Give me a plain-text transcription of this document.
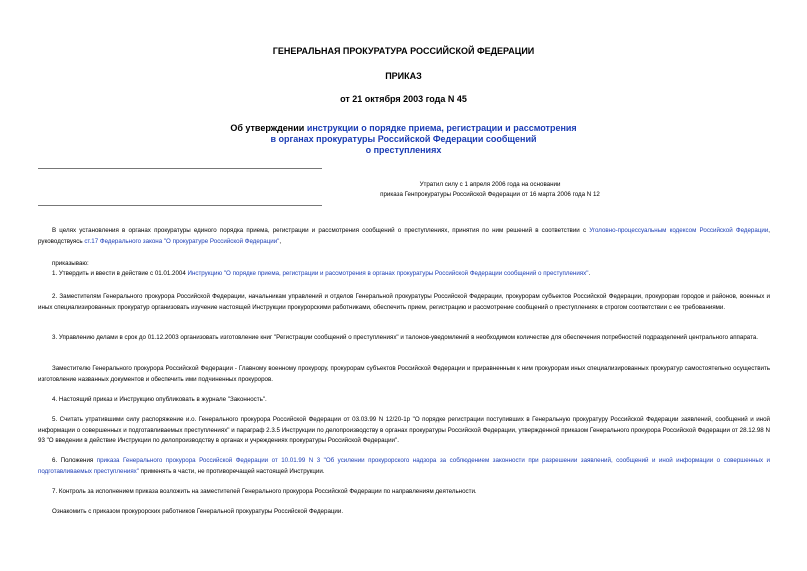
ГЕНЕРАЛЬНАЯ ПРОКУРАТУРА РОССИЙСКОЙ ФЕДЕРАЦИИ
ПРИКАЗ
от 21 октября 2003 года N 45
Об утверждении инструкции о порядке приема, регистрации и рассмотрения
в органах прокуратуры Российской Федерации сообщений
о преступлениях
Утратил силу с 1 апреля 2006 года на основании
приказа Генпрокуратуры Российской Федерации от 16 марта 2006 года N 12
В целях установления в органах прокуратуры единого порядка приема, регистрации и рассмотрения сообщений о преступлениях, принятия по ним решений в соответствии с Уголовно-процессуальным кодексом Российской Федерации, руководствуясь ст.17 Федерального закона "О прокуратуре Российской Федерации",
приказываю:
1. Утвердить и ввести в действие с 01.01.2004 Инструкцию "О порядке приема, регистрации и рассмотрения в органах прокуратуры Российской Федерации сообщений о преступлениях".
2. Заместителям Генерального прокурора Российской Федерации, начальникам управлений и отделов Генеральной прокуратуры Российской Федерации, прокурорам субъектов Российской Федерации, прокурорам городов и районов, военных и иных специализированных прокуратур организовать изучение настоящей Инструкции прокурорскими работниками, обеспечить прием, регистрацию и рассмотрение сообщений о преступлениях в строгом соответствии с ее требованиями.
3. Управлению делами в срок до 01.12.2003 организовать изготовление книг "Регистрации сообщений о преступлениях" и талонов-уведомлений в необходимом количестве для обеспечения потребностей подразделений центрального аппарата.
Заместителю Генерального прокурора Российской Федерации - Главному военному прокурору, прокурорам субъектов Российской Федерации и приравненным к ним прокурорам иных специализированных прокуратур самостоятельно осуществить изготовление названных документов и обеспечить ими подчиненных прокуроров.
4. Настоящий приказ и Инструкцию опубликовать в журнале "Законность".
5. Считать утратившими силу распоряжение и.о. Генерального прокурора Российской Федерации от 03.03.99 N 12/20-1р "О порядке регистрации поступивших в Генеральную прокуратуру Российской Федерации заявлений, сообщений и иной информации о совершенных и подготавливаемых преступлениях" и параграф 2.3.5 Инструкции по делопроизводству в органах прокуратуры Российской Федерации, утвержденной приказом Генерального прокурора Российской Федерации от 28.12.98 N 93 "О введении в действие Инструкции по делопроизводству в органах и учреждениях прокуратуры Российской Федерации".
6. Положения приказа Генерального прокурора Российской Федерации от 10.01.99 N 3 "Об усилении прокурорского надзора за соблюдением законности при разрешении заявлений, сообщений и иной информации о совершенных и подготавливаемых преступлениях" применять в части, не противоречащей настоящей Инструкции.
7. Контроль за исполнением приказа возложить на заместителей Генерального прокурора Российской Федерации по направлениям деятельности.
Ознакомить с приказом прокурорских работников Генеральной прокуратуры Российской Федерации.
